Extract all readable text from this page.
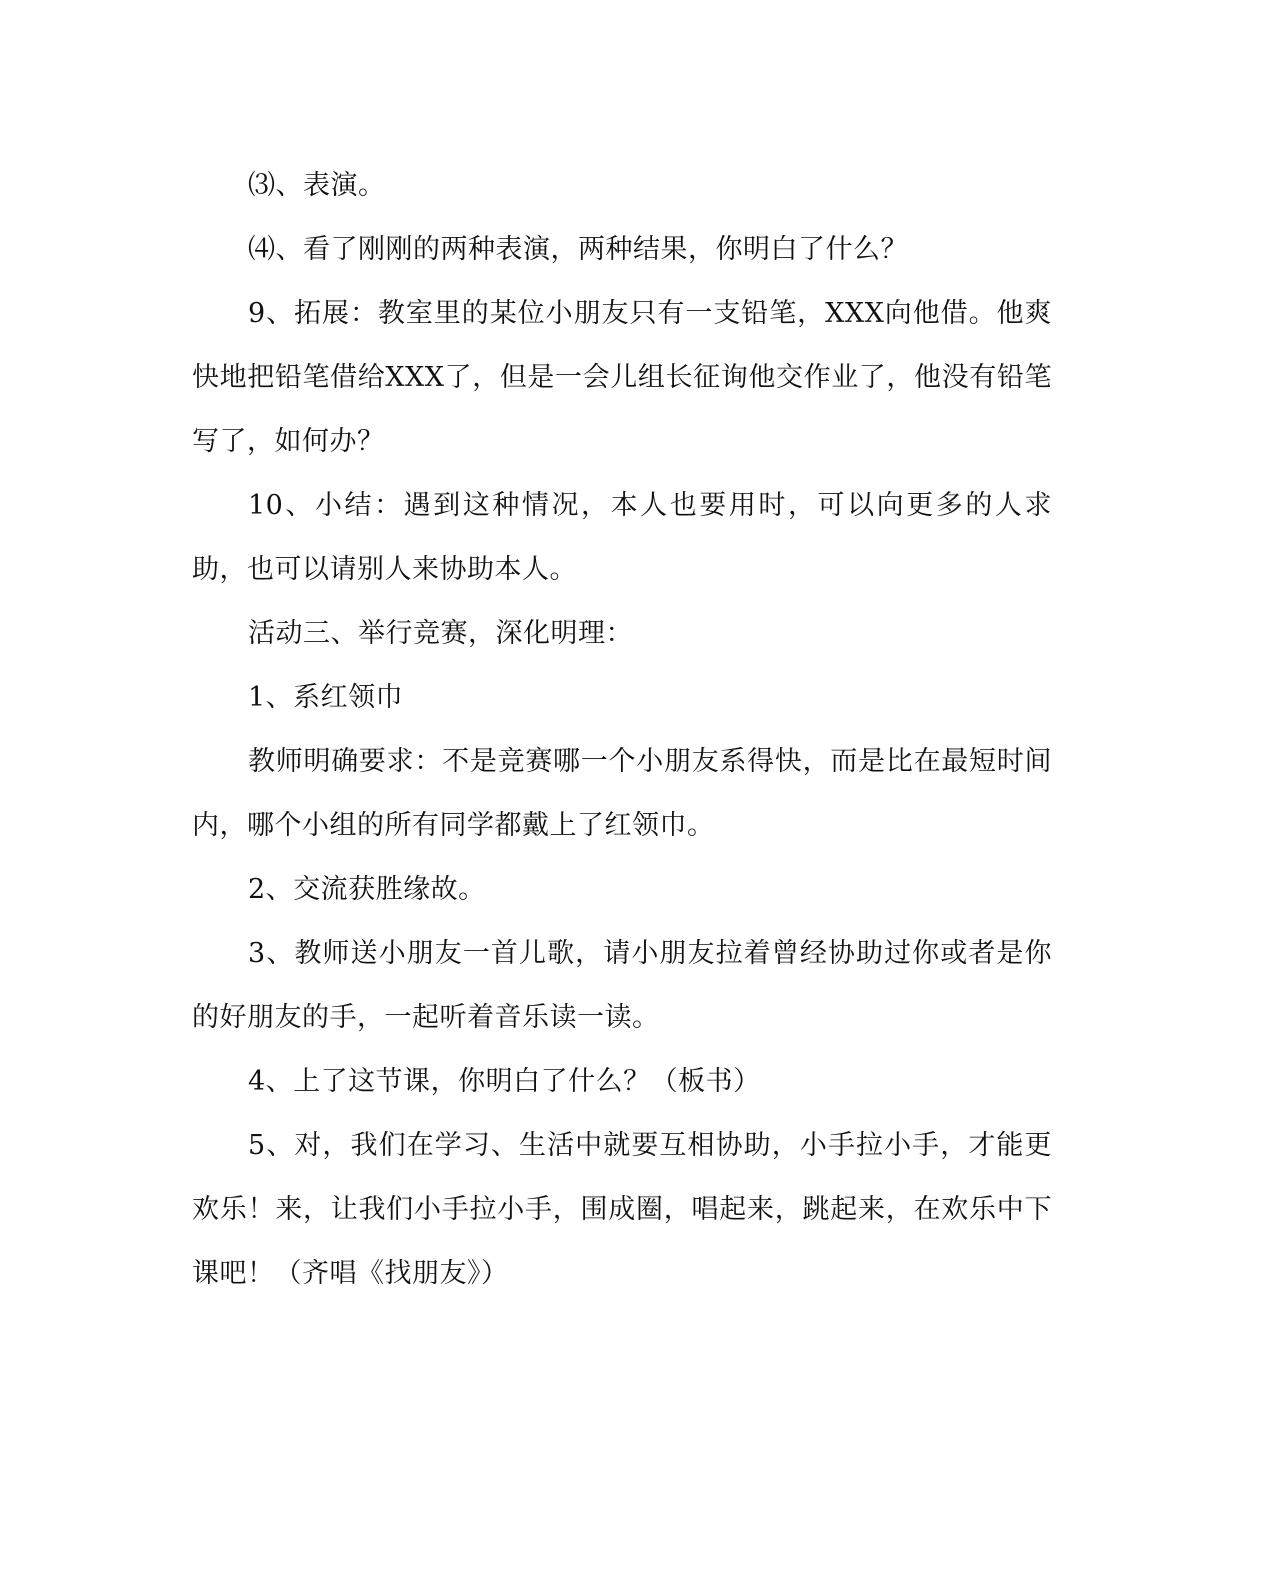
⑶、表演。

⑷、看了刚刚的两种表演，两种结果，你明白了什么？

9、拓展：教室里的某位小朋友只有一支铅笔，XXX向他借。他爽快地把铅笔借给XXX了，但是一会儿组长征询他交作业了，他没有铅笔写了，如何办？

10、小结：遇到这种情况，本人也要用时，可以向更多的人求助，也可以请别人来协助本人。

活动三、举行竞赛，深化明理：

1、系红领巾

教师明确要求：不是竞赛哪一个小朋友系得快，而是比在最短时间内，哪个小组的所有同学都戴上了红领巾。

2、交流获胜缘故。

3、教师送小朋友一首儿歌，请小朋友拉着曾经协助过你或者是你的好朋友的手，一起听着音乐读一读。

4、上了这节课，你明白了什么？（板书）

5、对，我们在学习、生活中就要互相协助，小手拉小手，才能更欢乐！来，让我们小手拉小手，围成圈，唱起来，跳起来，在欢乐中下课吧！（齐唱《找朋友》）
